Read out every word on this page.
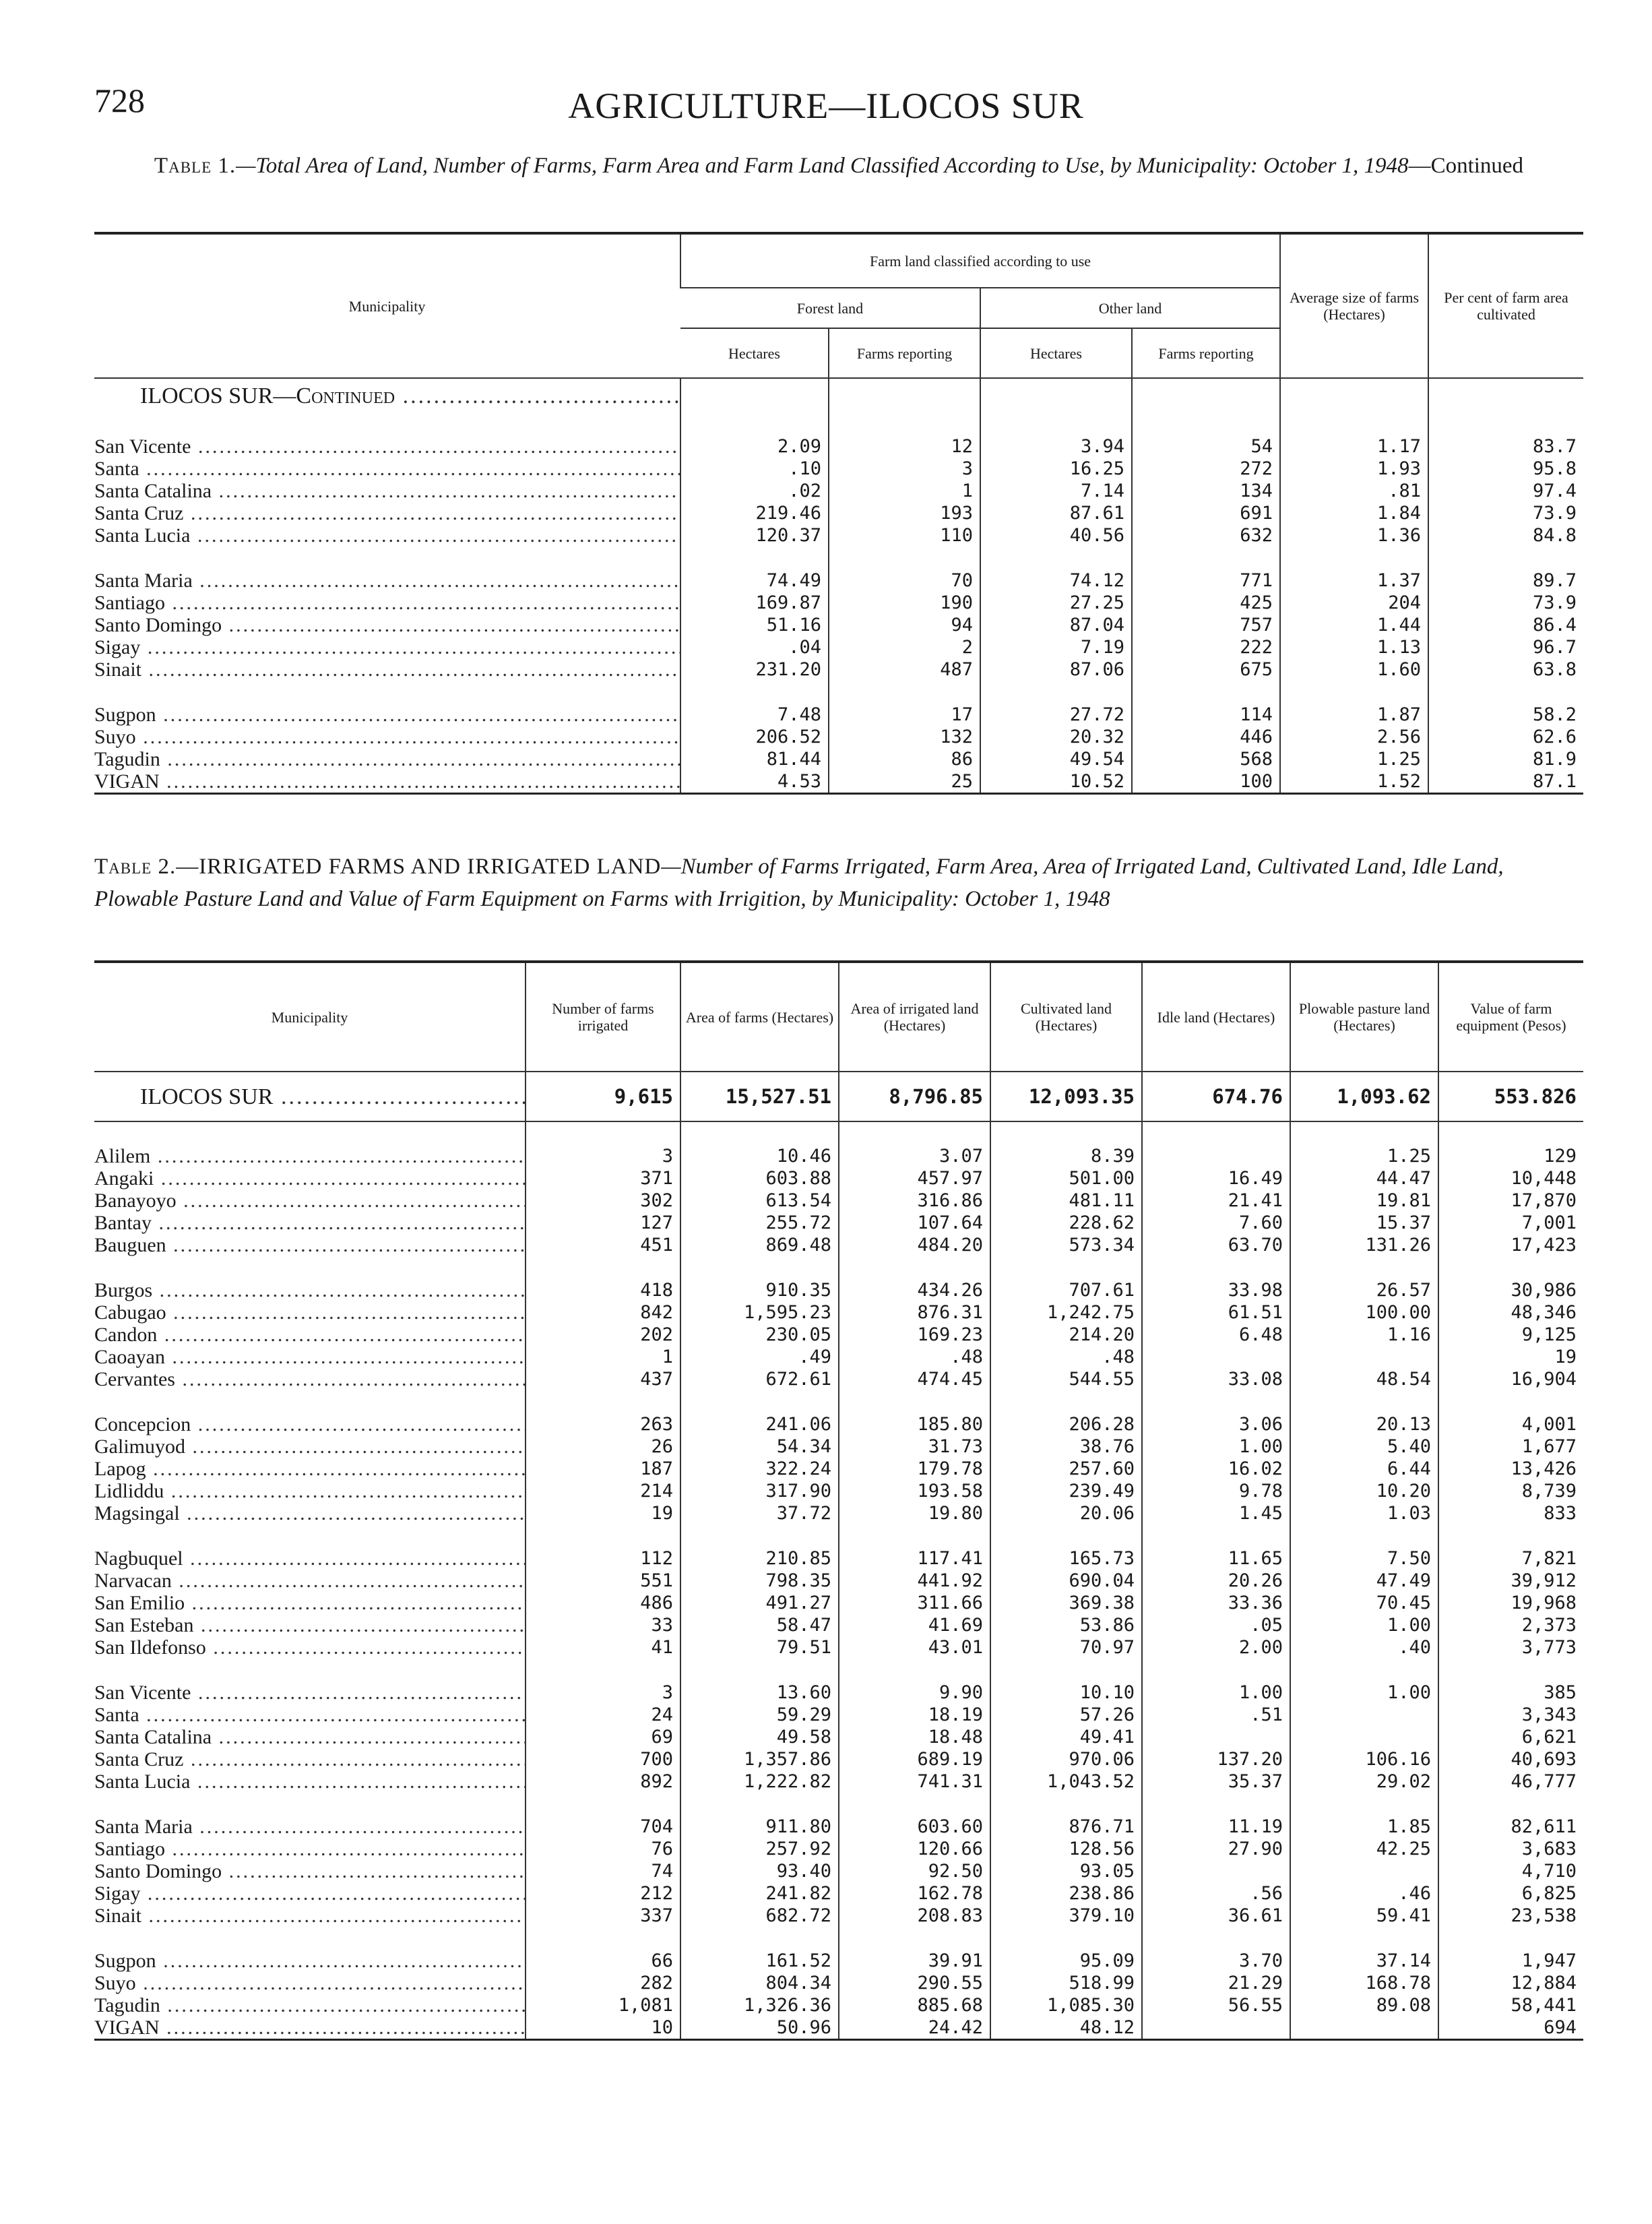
728	AGRICULTURE—ILOCOS SUR
Table 1.—Total Area of Land, Number of Farms, Farm Area and Farm Land Classified According to Use, by Municipality: October 1, 1948—Continued
Municipality	Farm land classified according to use				Average size of farms (Hectares)	Per cent of farm area cultivated
	Forest land		Other land			
	Hectares	Farms reporting	Hectares	Farms reporting		
ILOCOS SUR—Continued .....						

San Vicente .....	2.09	12	3.94	54	1.17	83.7
Santa .....	.10	3	16.25	272	1.93	95.8
Santa Catalina .....	.02	1	7.14	134	.81	97.4
Santa Cruz .....	219.46	193	87.61	691	1.84	73.9
Santa Lucia .....	120.37	110	40.56	632	1.36	84.8

Santa Maria .....	74.49	70	74.12	771	1.37	89.7
Santiago .....	169.87	190	27.25	425	204	73.9
Santo Domingo .....	51.16	94	87.04	757	1.44	86.4
Sigay .....	.04	2	7.19	222	1.13	96.7
Sinait .....	231.20	487	87.06	675	1.60	63.8

Sugpon .....	7.48	17	27.72	114	1.87	58.2
Suyo .....	206.52	132	20.32	446	2.56	62.6
Tagudin .....	81.44	86	49.54	568	1.25	81.9
VIGAN .....	4.53	25	10.52	100	1.52	87.1
Table 2.—IRRIGATED FARMS AND IRRIGATED LAND—Number of Farms Irrigated, Farm Area, Area of Irrigated Land, Cultivated Land, Idle Land, Plowable Pasture Land and Value of Farm Equipment on Farms with Irrigition, by Municipality: October 1, 1948
Municipality	Number of farms irrigated	Area of farms (Hectares)	Area of irrigated land (Hectares)	Cultivated land (Hectares)	Idle land (Hectares)	Plowable pasture land (Hectares)	Value of farm equipment (Pesos)
ILOCOS SUR .....	9,615	15,527.51	8,796.85	12,093.35	674.76	1,093.62	553.826

Alilem .....	3	10.46	3.07	8.39		1.25	129
Angaki .....	371	603.88	457.97	501.00	16.49	44.47	10,448
Banayoyo .....	302	613.54	316.86	481.11	21.41	19.81	17,870
Bantay .....	127	255.72	107.64	228.62	7.60	15.37	7,001
Bauguen .....	451	869.48	484.20	573.34	63.70	131.26	17,423

Burgos .....	418	910.35	434.26	707.61	33.98	26.57	30,986
Cabugao .....	842	1,595.23	876.31	1,242.75	61.51	100.00	48,346
Candon .....	202	230.05	169.23	214.20	6.48	1.16	9,125
Caoayan .....	1	.49	.48	.48			19
Cervantes .....	437	672.61	474.45	544.55	33.08	48.54	16,904

Concepcion .....	263	241.06	185.80	206.28	3.06	20.13	4,001
Galimuyod .....	26	54.34	31.73	38.76	1.00	5.40	1,677
Lapog .....	187	322.24	179.78	257.60	16.02	6.44	13,426
Lidliddu .....	214	317.90	193.58	239.49	9.78	10.20	8,739
Magsingal .....	19	37.72	19.80	20.06	1.45	1.03	833

Nagbuquel .....	112	210.85	117.41	165.73	11.65	7.50	7,821
Narvacan .....	551	798.35	441.92	690.04	20.26	47.49	39,912
San Emilio .....	486	491.27	311.66	369.38	33.36	70.45	19,968
San Esteban .....	33	58.47	41.69	53.86	.05	1.00	2,373
San Ildefonso .....	41	79.51	43.01	70.97	2.00	.40	3,773

San Vicente .....	3	13.60	9.90	10.10	1.00	1.00	385
Santa .....	24	59.29	18.19	57.26	.51		3,343
Santa Catalina .....	69	49.58	18.48	49.41			6,621
Santa Cruz .....	700	1,357.86	689.19	970.06	137.20	106.16	40,693
Santa Lucia .....	892	1,222.82	741.31	1,043.52	35.37	29.02	46,777

Santa Maria .....	704	911.80	603.60	876.71	11.19	1.85	82,611
Santiago .....	76	257.92	120.66	128.56	27.90	42.25	3,683
Santo Domingo .....	74	93.40	92.50	93.05			4,710
Sigay .....	212	241.82	162.78	238.86	.56	.46	6,825
Sinait .....	337	682.72	208.83	379.10	36.61	59.41	23,538

Sugpon .....	66	161.52	39.91	95.09	3.70	37.14	1,947
Suyo .....	282	804.34	290.55	518.99	21.29	168.78	12,884
Tagudin .....	1,081	1,326.36	885.68	1,085.30	56.55	89.08	58,441
VIGAN .....	10	50.96	24.42	48.12			694
